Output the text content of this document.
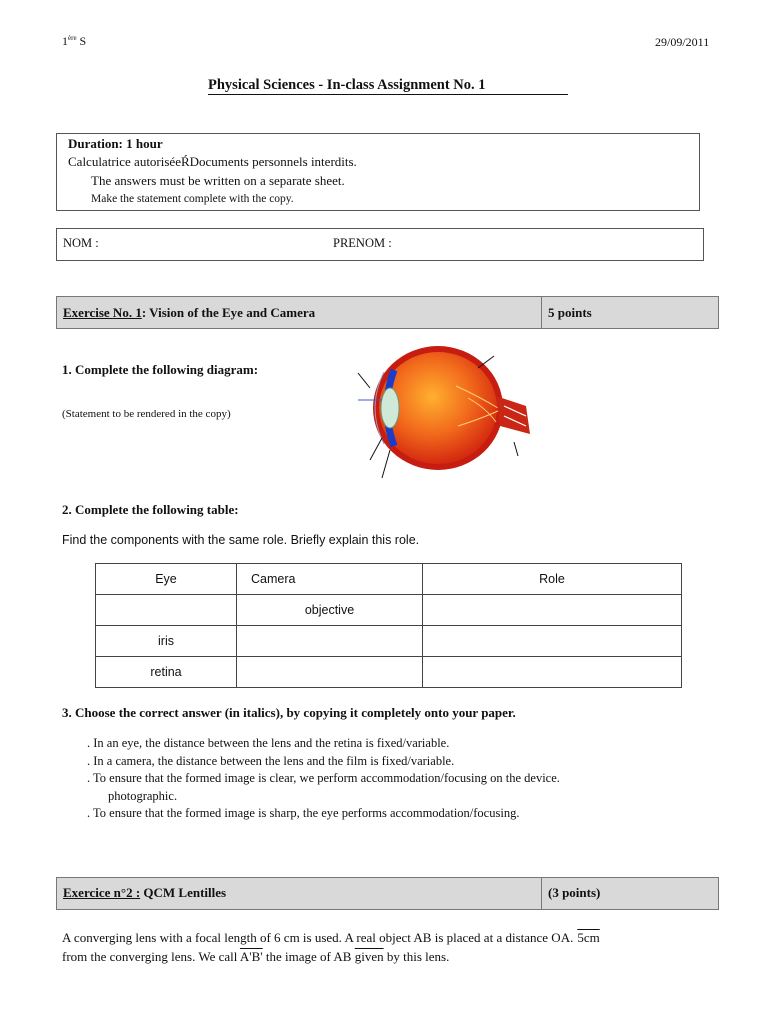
1ère S	29/09/2011
Physical Sciences - In-class Assignment No. 1
Duration: 1 hour
Calculatrice autoriséeŔDocuments personnels interdits.
The answers must be written on a separate sheet.
Make the statement complete with the copy.
NOM :	PRENOM :
Exercise No. 1: Vision of the Eye and Camera	5 points
1. Complete the following diagram:
(Statement to be rendered in the copy)
2. Complete the following table:
Find the components with the same role. Briefly explain this role.
Eye	Camera	Role
	objective	
iris		
retina		
3. Choose the correct answer (in italics), by copying it completely onto your paper.
. In an eye, the distance between the lens and the retina is fixed/variable.
. In a camera, the distance between the lens and the film is fixed/variable.
. To ensure that the formed image is clear, we perform accommodation/focusing on the device.
photographic.
. To ensure that the formed image is sharp, the eye performs accommodation/focusing.
Exercice n°2 : QCM Lentilles	(3 points)
A converging lens with a focal length of 6 cm is used. A real object AB is placed at a distance OA. 5cm
from the converging lens. We call A'B' the image of AB given by this lens.
